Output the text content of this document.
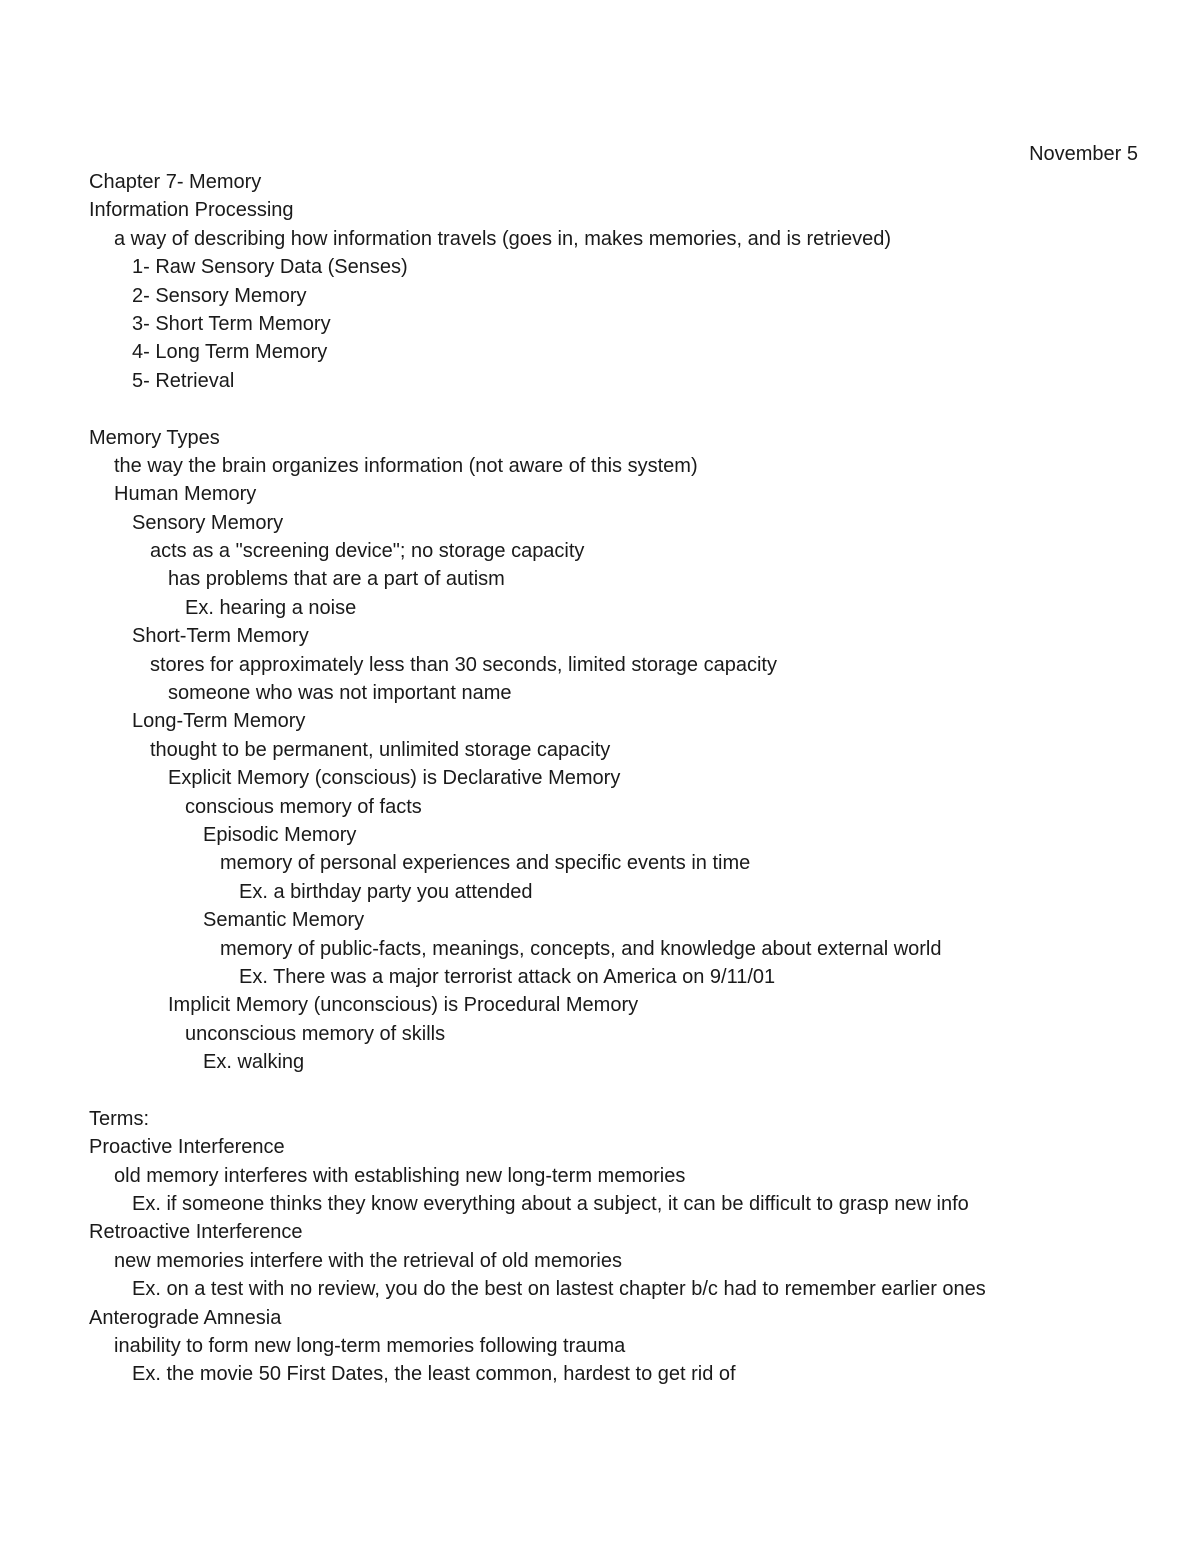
November 5
Chapter 7- Memory
Information Processing
a way of describing how information travels (goes in, makes memories, and is retrieved)
1- Raw Sensory Data (Senses)
2- Sensory Memory
3- Short Term Memory
4- Long Term Memory
5- Retrieval
Memory Types
the way the brain organizes information (not aware of this system)
Human Memory
Sensory Memory
acts as a "screening device"; no storage capacity
has problems that are a part of autism
Ex. hearing a noise
Short-Term Memory
stores for approximately less than 30 seconds, limited storage capacity
someone who was not important name
Long-Term Memory
thought to be permanent, unlimited storage capacity
Explicit Memory (conscious) is Declarative Memory
conscious memory of facts
Episodic Memory
memory of personal experiences and specific events in time
Ex. a birthday party you attended
Semantic Memory
memory of public-facts, meanings, concepts, and knowledge about external world
Ex. There was a major terrorist attack on America on 9/11/01
Implicit Memory (unconscious) is Procedural Memory
unconscious memory of skills
Ex. walking
Terms:
Proactive Interference
old memory interferes with establishing new long-term memories
Ex. if someone thinks they know everything about a subject, it can be difficult to grasp new info
Retroactive Interference
new memories interfere with the retrieval of old memories
Ex. on a test with no review, you do the best on lastest chapter b/c had to remember earlier ones
Anterograde Amnesia
inability to form new long-term memories following trauma
Ex. the movie 50 First Dates, the least common, hardest to get rid of
